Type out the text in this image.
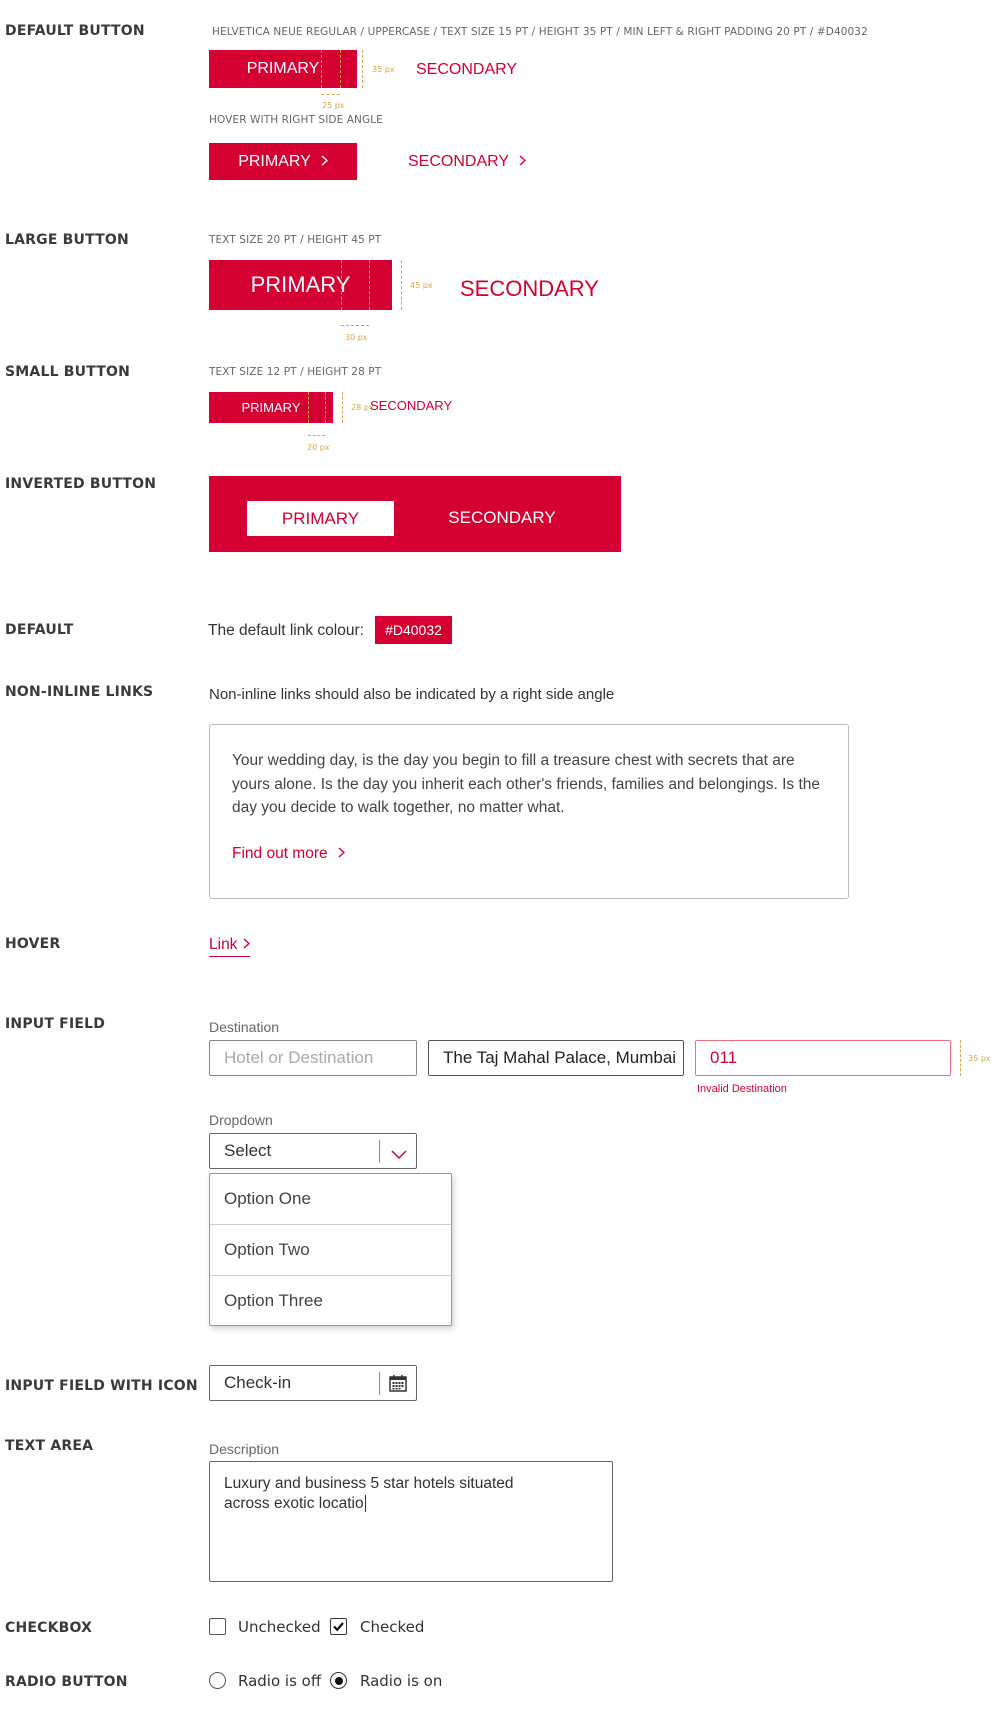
DEFAULT BUTTON	HELVETICA NEUE REGULAR / UPPERCASE / TEXT SIZE 15 PT / HEIGHT 35 PT / MIN LEFT & RIGHT PADDING 20 PT / #D40032
PRIMARY
25 px
35 px SECONDARY
HOVER WITH RIGHT SIDE ANGLE
PRIMARY	SECONDARY
LARGE BUTTON	TEXT SIZE 20 PT / HEIGHT 45 PT
PRIMARY
30 px
45 px SECONDARY
SMALL BUTTON	TEXT SIZE 12 PT / HEIGHT 28 PT
PRIMARY
20 px
28 px
SECONDARY
INVERTED BUTTON
PRIMARY	SECONDARY
DEFAULT	The default link colour:	#D40032
NON-INLINE LINKS	Non-inline links should also be indicated by a right side angle
Your wedding day, is the day you begin to fill a treasure chest with secrets that are yours alone. Is the day you inherit each other's friends, families and belongings. Is the day you decide to walk together, no matter what.
Find out more
HOVER	Link
INPUT FIELD	Destination
Hotel or Destination	The Taj Mahal Palace, Mumbai 011	35 px
Invalid Destination
Dropdown
Select
Option One
Option Two
Option Three
INPUT FIELD WITH ICON Check-in
TEXT AREA	Description
Luxury and business 5 star hotels situated
across exotic locatio
CHECKBOX	Unchecked	Checked
RADIO BUTTON	Radio is off	Radio is on
